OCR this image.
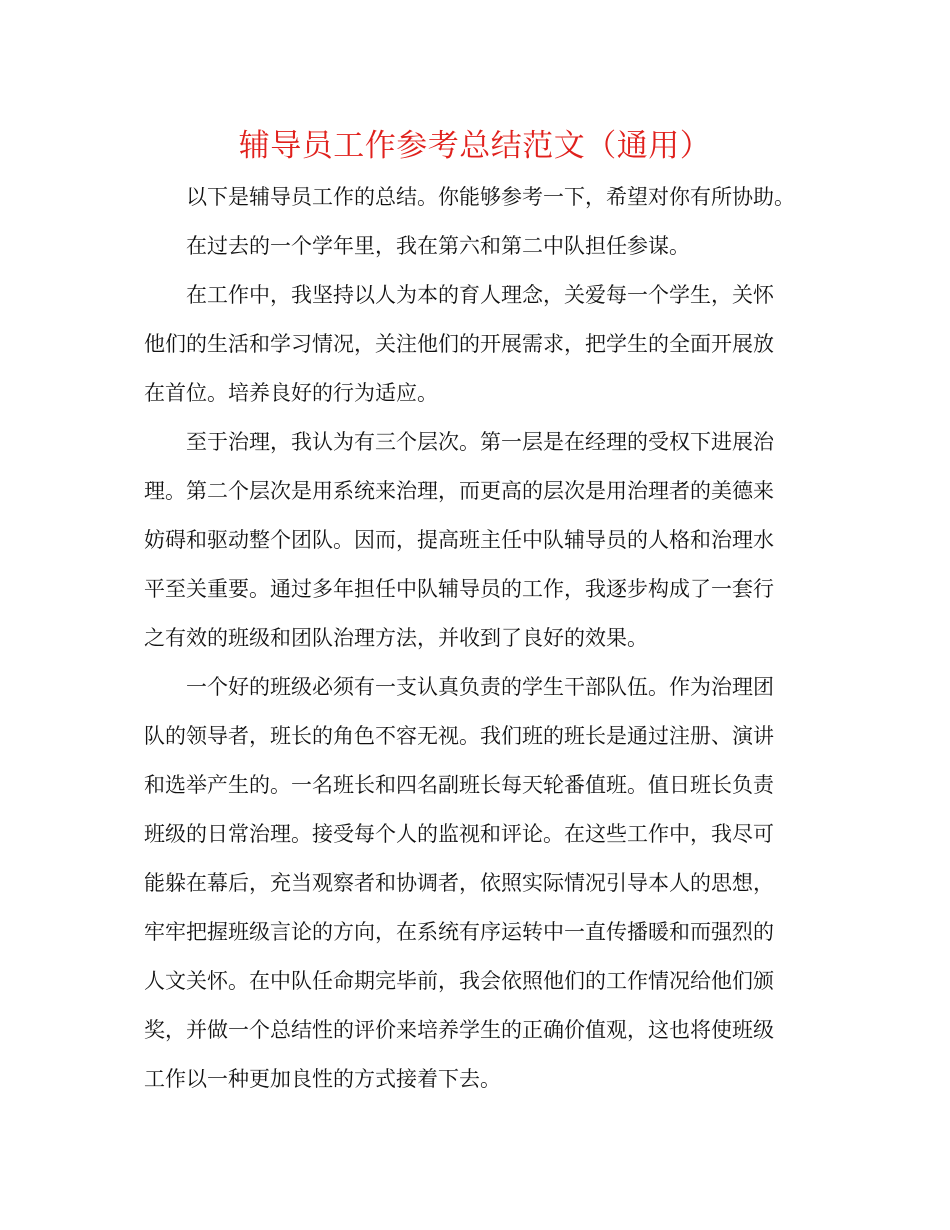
辅导员工作参考总结范文（通用）
以下是辅导员工作的总结。你能够参考一下，希望对你有所协助。
在过去的一个学年里，我在第六和第二中队担任参谋。
在工作中，我坚持以人为本的育人理念，关爱每一个学生，关怀
他们的生活和学习情况，关注他们的开展需求，把学生的全面开展放
在首位。培养良好的行为适应。
至于治理，我认为有三个层次。第一层是在经理的受权下进展治
理。第二个层次是用系统来治理，而更高的层次是用治理者的美德来
妨碍和驱动整个团队。因而，提高班主任中队辅导员的人格和治理水
平至关重要。通过多年担任中队辅导员的工作，我逐步构成了一套行
之有效的班级和团队治理方法，并收到了良好的效果。
一个好的班级必须有一支认真负责的学生干部队伍。作为治理团
队的领导者，班长的角色不容无视。我们班的班长是通过注册、演讲
和选举产生的。一名班长和四名副班长每天轮番值班。值日班长负责
班级的日常治理。接受每个人的监视和评论。在这些工作中，我尽可
能躲在幕后，充当观察者和协调者，依照实际情况引导本人的思想，
牢牢把握班级言论的方向，在系统有序运转中一直传播暖和而强烈的
人文关怀。在中队任命期完毕前，我会依照他们的工作情况给他们颁
奖，并做一个总结性的评价来培养学生的正确价值观，这也将使班级
工作以一种更加良性的方式接着下去。
